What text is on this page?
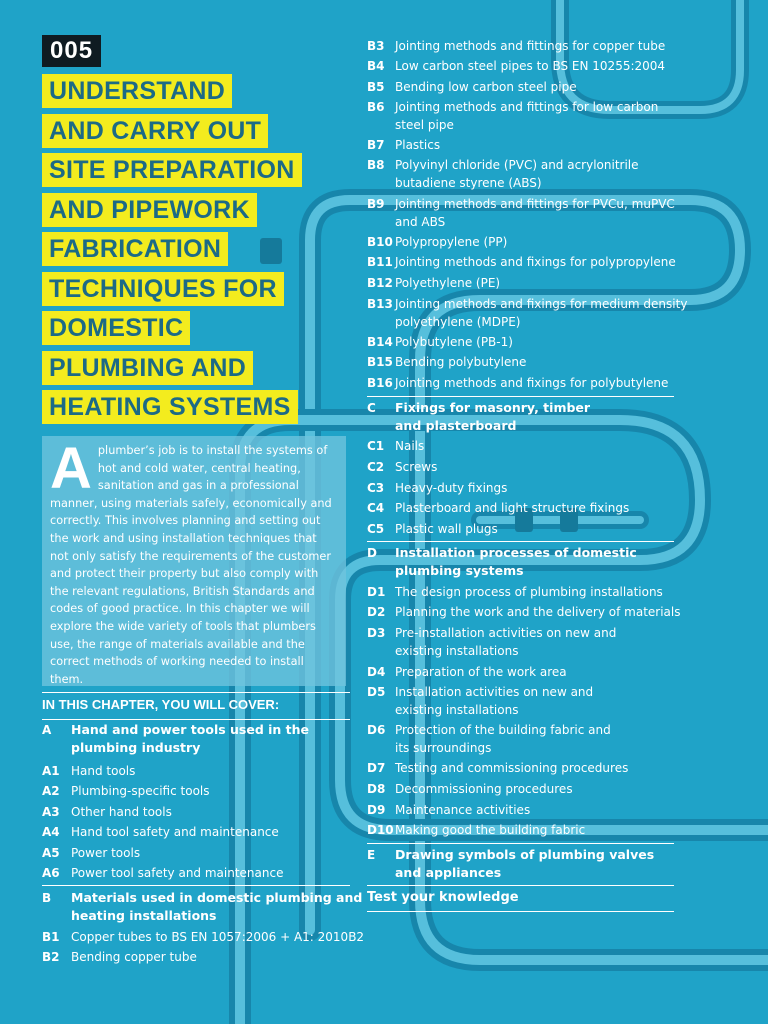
005
UNDERSTAND
AND CARRY OUT
SITE PREPARATION
AND PIPEWORK
FABRICATION
TECHNIQUES FOR
DOMESTIC
PLUMBING AND
HEATING SYSTEMS
A plumber’s job is to install the systems of hot and cold water, central heating, sanitation and gas in a professional manner, using materials safely, economically and correctly. This involves planning and setting out the work and using installation techniques that not only satisfy the requirements of the customer and protect their property but also comply with the relevant regulations, British Standards and codes of good practice. In this chapter we will explore the wide variety of tools that plumbers use, the range of materials available and the correct methods of working needed to install them.
IN THIS CHAPTER, YOU WILL COVER:
A Hand and power tools used in the
plumbing industry
A1 Hand tools
A2 Plumbing-specific tools
A3 Other hand tools
A4 Hand tool safety and maintenance
A5 Power tools
A6 Power tool safety and maintenance
B Materials used in domestic plumbing and
heating installations
B1 Copper tubes to BS EN 1057:2006 + A1: 2010B2
B2 Bending copper tube
B3 Jointing methods and fittings for copper tube
B4 Low carbon steel pipes to BS EN 10255:2004
B5 Bending low carbon steel pipe
B6 Jointing methods and fittings for low carbon
steel pipe
B7 Plastics
B8 Polyvinyl chloride (PVC) and acrylonitrile
butadiene styrene (ABS)
B9 Jointing methods and fittings for PVCu, muPVC
and ABS
B10 Polypropylene (PP)
B11 Jointing methods and fixings for polypropylene
B12 Polyethylene (PE)
B13 Jointing methods and fixings for medium density
polyethylene (MDPE)
B14 Polybutylene (PB-1)
B15 Bending polybutylene
B16 Jointing methods and fixings for polybutylene
C Fixings for masonry, timber
and plasterboard
C1 Nails
C2 Screws
C3 Heavy-duty fixings
C4 Plasterboard and light structure fixings
C5 Plastic wall plugs
D Installation processes of domestic
plumbing systems
D1 The design process of plumbing installations
D2 Planning the work and the delivery of materials
D3 Pre-installation activities on new and
existing installations
D4 Preparation of the work area
D5 Installation activities on new and
existing installations
D6 Protection of the building fabric and
its surroundings
D7 Testing and commissioning procedures
D8 Decommissioning procedures
D9 Maintenance activities
D10 Making good the building fabric
E Drawing symbols of plumbing valves
and appliances
Test your knowledge
